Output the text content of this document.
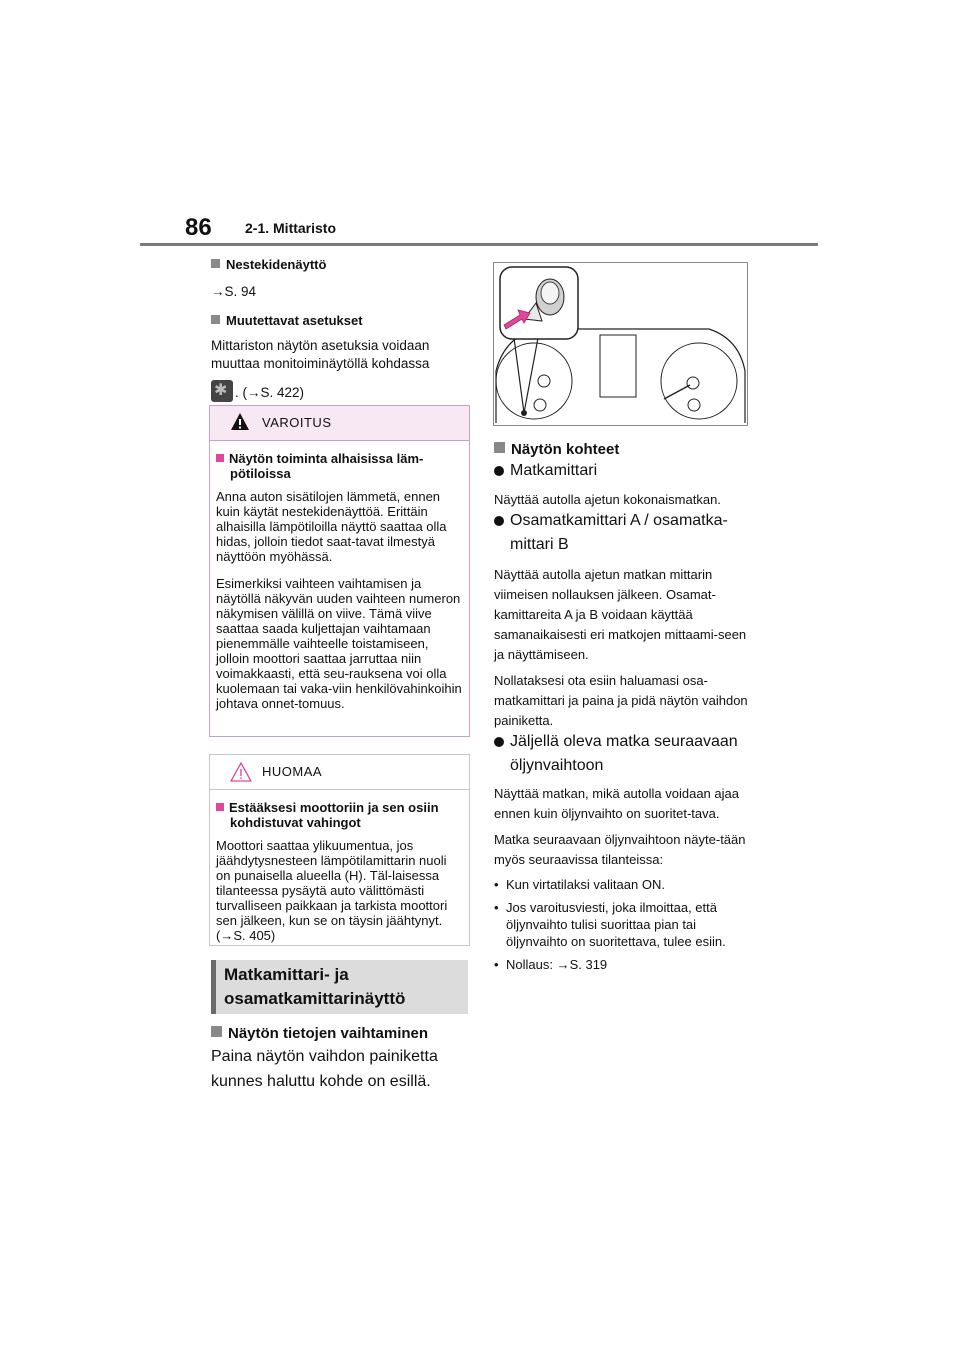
86 2-1. Mittaristo

Nestekidenäyttö

→S. 94

Muutettavat asetukset

Mittariston näytön asetuksia voidaan

muuttaa monitoiminäytöllä kohdassa

✱. (→S. 422)

VAROITUS

Näytön toiminta alhaisissa läm-pötiloissa

Anna auton sisätilojen lämmetä, ennen kuin käytät nestekidenäyttöä. Erittäin alhaisilla lämpötiloilla näyttö saattaa olla hidas, jolloin tiedot saat-tavat ilmestyä näyttöön myöhässä.

Esimerkiksi vaihteen vaihtamisen ja näytöllä näkyvän uuden vaihteen numeron näkymisen välillä on viive. Tämä viive saattaa saada kuljettajan vaihtamaan pienemmälle vaihteelle toistamiseen, jolloin moottori saattaa jarruttaa niin voimakkaasti, että seu-rauksena voi olla kuolemaan tai vaka-viin henkilövahinkoihin johtava onnet-tomuus.

HUOMAA

Estääksesi moottoriin ja sen osiin kohdistuvat vahingot

Moottori saattaa ylikuumentua, jos jäähdytysnesteen lämpötilamittarin nuoli on punaisella alueella (H). Täl-laisessa tilanteessa pysäytä auto välittömästi turvalliseen paikkaan ja tarkista moottori sen jälkeen, kun se on täysin jäähtynyt. (→S. 405)

Matkamittari- ja
osamatkamittarinäyttö

Näytön tietojen vaihtaminen

Paina näytön vaihdon painiketta

kunnes haluttu kohde on esillä.

Näytön kohteet

Matkamittari

Näyttää autolla ajetun kokonaismatkan.

Osamatkamittari A / osamatka-

mittari B

Näyttää autolla ajetun matkan mittarin viimeisen nollauksen jälkeen. Osamat-kamittareita A ja B voidaan käyttää samanaikaisesti eri matkojen mittaami-seen ja näyttämiseen.

Nollataksesi ota esiin haluamasi osa-matkamittari ja paina ja pidä näytön vaihdon painiketta.

Jäljellä oleva matka seuraavaan

öljynvaihtoon

Näyttää matkan, mikä autolla voidaan ajaa ennen kuin öljynvaihto on suoritet-tava.

Matka seuraavaan öljynvaihtoon näyte-tään myös seuraavissa tilanteissa:

• Kun virtatilaksi valitaan ON.

• Jos varoitusviesti, joka ilmoittaa, että öljynvaihto tulisi suorittaa pian tai öljynvaihto on suoritettava, tulee esiin.

• Nollaus: →S. 319
